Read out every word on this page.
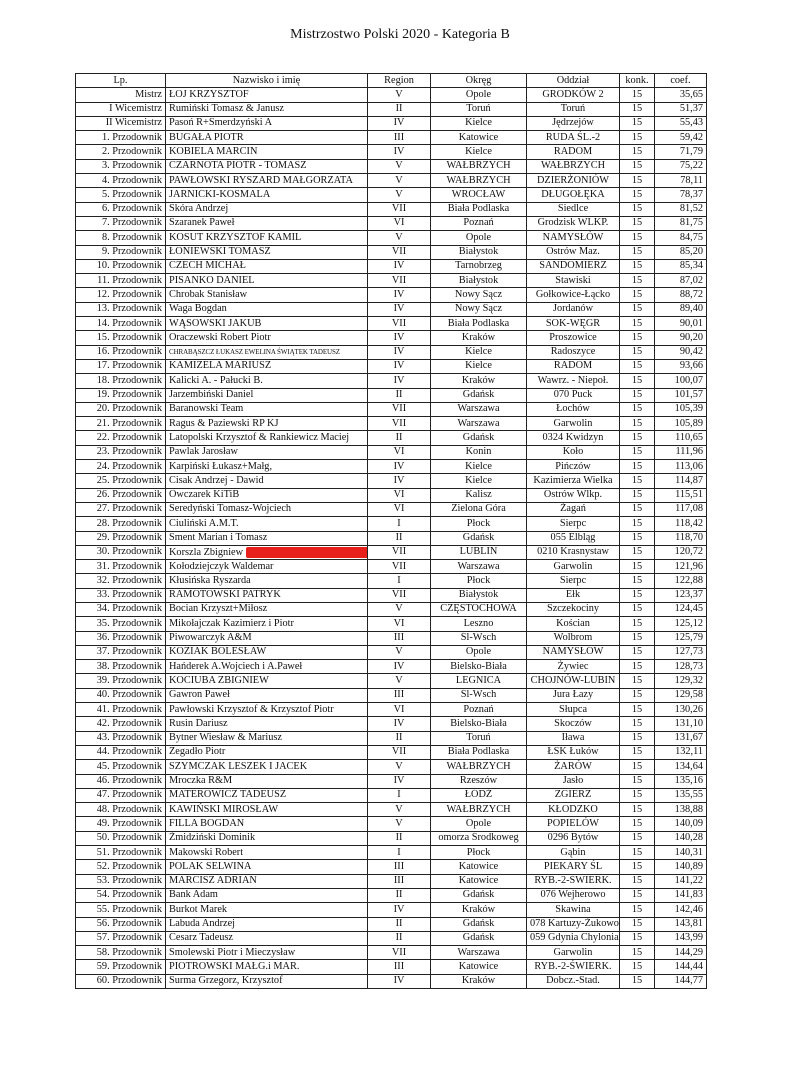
Mistrzostwo Polski 2020 - Kategoria B
Lp.	Nazwisko i imię	Region	Okręg	Oddział	konk.	coef.
Mistrz	ŁOJ KRZYSZTOF	V	Opole	GRODKÓW 2	15	35,65
I Wicemistrz	Rumiński Tomasz & Janusz	II	Toruń	Toruń	15	51,37
II Wicemistrz	Pasoń R+Smerdzyński A	IV	Kielce	Jędrzejów	15	55,43
1. Przodownik	BUGAŁA PIOTR	III	Katowice	RUDA ŚL.-2	15	59,42
2. Przodownik	KOBIELA MARCIN	IV	Kielce	RADOM	15	71,79
3. Przodownik	CZARNOTA PIOTR - TOMASZ	V	WAŁBRZYCH	WAŁBRZYCH	15	75,22
4. Przodownik	PAWŁOWSKI RYSZARD MAŁGORZATA	V	WAŁBRZYCH	DZIERŻONIÓW	15	78,11
5. Przodownik	JARNICKI-KOSMALA	V	WROCŁAW	DŁUGOŁĘKA	15	78,37
6. Przodownik	Skóra Andrzej	VII	Biała Podlaska	Siedlce	15	81,52
7. Przodownik	Szaranek Paweł	VI	Poznań	Grodzisk WLKP.	15	81,75
8. Przodownik	KOSUT KRZYSZTOF KAMIL	V	Opole	NAMYSŁÓW	15	84,75
9. Przodownik	ŁONIEWSKI TOMASZ	VII	Białystok	Ostrów Maz.	15	85,20
10. Przodownik	CZECH MICHAŁ	IV	Tarnobrzeg	SANDOMIERZ	15	85,34
11. Przodownik	PISANKO DANIEL	VII	Białystok	Stawiski	15	87,02
12. Przodownik	Chrobak Stanisław	IV	Nowy Sącz	Gołkowice-Łącko	15	88,72
13. Przodownik	Waga Bogdan	IV	Nowy Sącz	Jordanów	15	89,40
14. Przodownik	WĄSOWSKI JAKUB	VII	Biała Podlaska	SOK-WĘGR	15	90,01
15. Przodownik	Oraczewski Robert Piotr	IV	Kraków	Proszowice	15	90,20
16. Przodownik	CHRABĄSZCZ ŁUKASZ EWELINA ŚWIĄTEK TADEUSZ	IV	Kielce	Radoszyce	15	90,42
17. Przodownik	KAMIZELA MARIUSZ	IV	Kielce	RADOM	15	93,66
18. Przodownik	Kalicki A. - Pałucki B.	IV	Kraków	Wawrz. - Niepoł.	15	100,07
19. Przodownik	Jarzembiński Daniel	II	Gdańsk	070 Puck	15	101,57
20. Przodownik	Baranowski Team	VII	Warszawa	Łochów	15	105,39
21. Przodownik	Ragus & Paziewski RP KJ	VII	Warszawa	Garwolin	15	105,89
22. Przodownik	Latopolski Krzysztof & Rankiewicz Maciej	II	Gdańsk	0324 Kwidzyn	15	110,65
23. Przodownik	Pawlak Jarosław	VI	Konin	Koło	15	111,96
24. Przodownik	Karpiński Łukasz+Małg,	IV	Kielce	Pińczów	15	113,06
25. Przodownik	Cisak Andrzej - Dawid	IV	Kielce	Kazimierza Wielka	15	114,87
26. Przodownik	Owczarek KiTiB	VI	Kalisz	Ostrów Wlkp.	15	115,51
27. Przodownik	Seredyński Tomasz-Wojciech	VI	Zielona Góra	Żagań	15	117,08
28. Przodownik	Ciuliński A.M.T.	I	Płock	Sierpc	15	118,42
29. Przodownik	Sment Marian i Tomasz	II	Gdańsk	055 Elbląg	15	118,70
30. Przodownik	Korszla Zbigniew	VII	LUBLIN	0210 Krasnystaw	15	120,72
31. Przodownik	Kołodziejczyk Waldemar	VII	Warszawa	Garwolin	15	121,96
32. Przodownik	Kłusińska Ryszarda	I	Płock	Sierpc	15	122,88
33. Przodownik	RAMOTOWSKI PATRYK	VII	Białystok	Ełk	15	123,37
34. Przodownik	Bocian Krzyszt+Miłosz	V	CZĘSTOCHOWA	Szczekociny	15	124,45
35. Przodownik	Mikołajczak Kazimierz i Piotr	VI	Leszno	Kościan	15	125,12
36. Przodownik	Piwowarczyk A&M	III	Śl-Wsch	Wolbrom	15	125,79
37. Przodownik	KOZIAK BOLESŁAW	V	Opole	NAMYSŁÓW	15	127,73
38. Przodownik	Hańderek A.Wojciech i A.Paweł	IV	Bielsko-Biała	Żywiec	15	128,73
39. Przodownik	KOCIUBA ZBIGNIEW	V	LEGNICA	CHOJNÓW-LUBIN	15	129,32
40. Przodownik	Gawron Paweł	III	Śl-Wsch	Jura Łazy	15	129,58
41. Przodownik	Pawłowski Krzysztof & Krzysztof Piotr	VI	Poznań	Słupca	15	130,26
42. Przodownik	Rusin Dariusz	IV	Bielsko-Biała	Skoczów	15	131,10
43. Przodownik	Bytner Wiesław & Mariusz	II	Toruń	Iława	15	131,67
44. Przodownik	Zegadło Piotr	VII	Biała Podlaska	ŁSK Łuków	15	132,11
45. Przodownik	SZYMCZAK LESZEK I JACEK	V	WAŁBRZYCH	ŻARÓW	15	134,64
46. Przodownik	Mroczka R&M	IV	Rzeszów	Jasło	15	135,16
47. Przodownik	MATEROWICZ TADEUSZ	I	ŁÓDŹ	ZGIERZ	15	135,55
48. Przodownik	KAWIŃSKI MIROSŁAW	V	WAŁBRZYCH	KŁODZKO	15	138,88
49. Przodownik	FILLA BOGDAN	V	Opole	POPIELÓW	15	140,09
50. Przodownik	Żmidziński Dominik	II	omorza Środkoweg	0296 Bytów	15	140,28
51. Przodownik	Makowski Robert	I	Płock	Gąbin	15	140,31
52. Przodownik	POLAK SELWINA	III	Katowice	PIEKARY ŚL	15	140,89
53. Przodownik	MARCISZ ADRIAN	III	Katowice	RYB.-2-ŚWIERK.	15	141,22
54. Przodownik	Bank Adam	II	Gdańsk	076 Wejherowo	15	141,83
55. Przodownik	Burkot Marek	IV	Kraków	Skawina	15	142,46
56. Przodownik	Labuda Andrzej	II	Gdańsk	078 Kartuzy-Żukowo	15	143,81
57. Przodownik	Cesarz Tadeusz	II	Gdańsk	059 Gdynia Chylonia	15	143,99
58. Przodownik	Smolewski Piotr i Mieczysław	VII	Warszawa	Garwolin	15	144,29
59. Przodownik	PIOTROWSKI MAŁG.i MAR.	III	Katowice	RYB.-2-ŚWIERK.	15	144,44
60. Przodownik	Surma Grzegorz, Krzysztof	IV	Kraków	Dobcz.-Stad.	15	144,77
